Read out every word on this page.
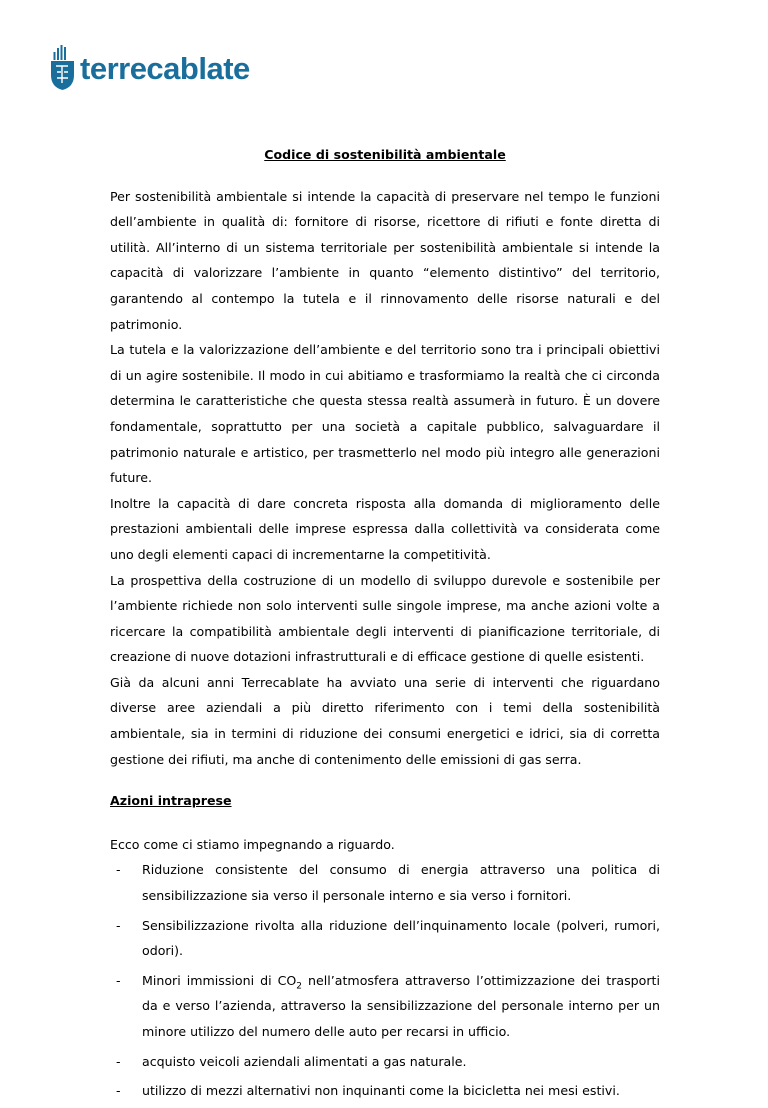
terrecablate
Codice di sostenibilità ambientale

Per sostenibilità ambientale si intende la capacità di preservare nel tempo le funzioni dell’ambiente in qualità di: fornitore di risorse, ricettore di rifiuti e fonte diretta di utilità. All’interno di un sistema territoriale per sostenibilità ambientale si intende la capacità di valorizzare l’ambiente in quanto “elemento distintivo” del territorio, garantendo al contempo la tutela e il rinnovamento delle risorse naturali e del patrimonio.

La tutela e la valorizzazione dell’ambiente e del territorio sono tra i principali obiettivi di un agire sostenibile. Il modo in cui abitiamo e trasformiamo la realtà che ci circonda determina le caratteristiche che questa stessa realtà assumerà in futuro. È un dovere fondamentale, soprattutto per una società a capitale pubblico, salvaguardare il patrimonio naturale e artistico, per trasmetterlo nel modo più integro alle generazioni future.

Inoltre la capacità di dare concreta risposta alla domanda di miglioramento delle prestazioni ambientali delle imprese espressa dalla collettività va considerata come uno degli elementi capaci di incrementarne la competitività.

La prospettiva della costruzione di un modello di sviluppo durevole e sostenibile per l’ambiente richiede non solo interventi sulle singole imprese, ma anche azioni volte a ricercare la compatibilità ambientale degli interventi di pianificazione territoriale, di creazione di nuove dotazioni infrastrutturali e di efficace gestione di quelle esistenti.

Già da alcuni anni Terrecablate ha avviato una serie di interventi che riguardano diverse aree aziendali a più diretto riferimento con i temi della sostenibilità ambientale, sia in termini di riduzione dei consumi energetici e idrici, sia di corretta gestione dei rifiuti, ma anche di contenimento delle emissioni di gas serra.

Azioni intraprese

Ecco come ci stiamo impegnando a riguardo.

- Riduzione consistente del consumo di energia attraverso una politica di sensibilizzazione sia verso il personale interno e sia verso i fornitori.
- Sensibilizzazione rivolta alla riduzione dell’inquinamento locale (polveri, rumori, odori).
- Minori immissioni di $CO_2$ nell’atmosfera attraverso l’ottimizzazione dei trasporti da e verso l’azienda, attraverso la sensibilizzazione del personale interno per un minore utilizzo del numero delle auto per recarsi in ufficio.
- acquisto veicoli aziendali alimentati a gas naturale.
- utilizzo di mezzi alternativi non inquinanti come la bicicletta nei mesi estivi.
